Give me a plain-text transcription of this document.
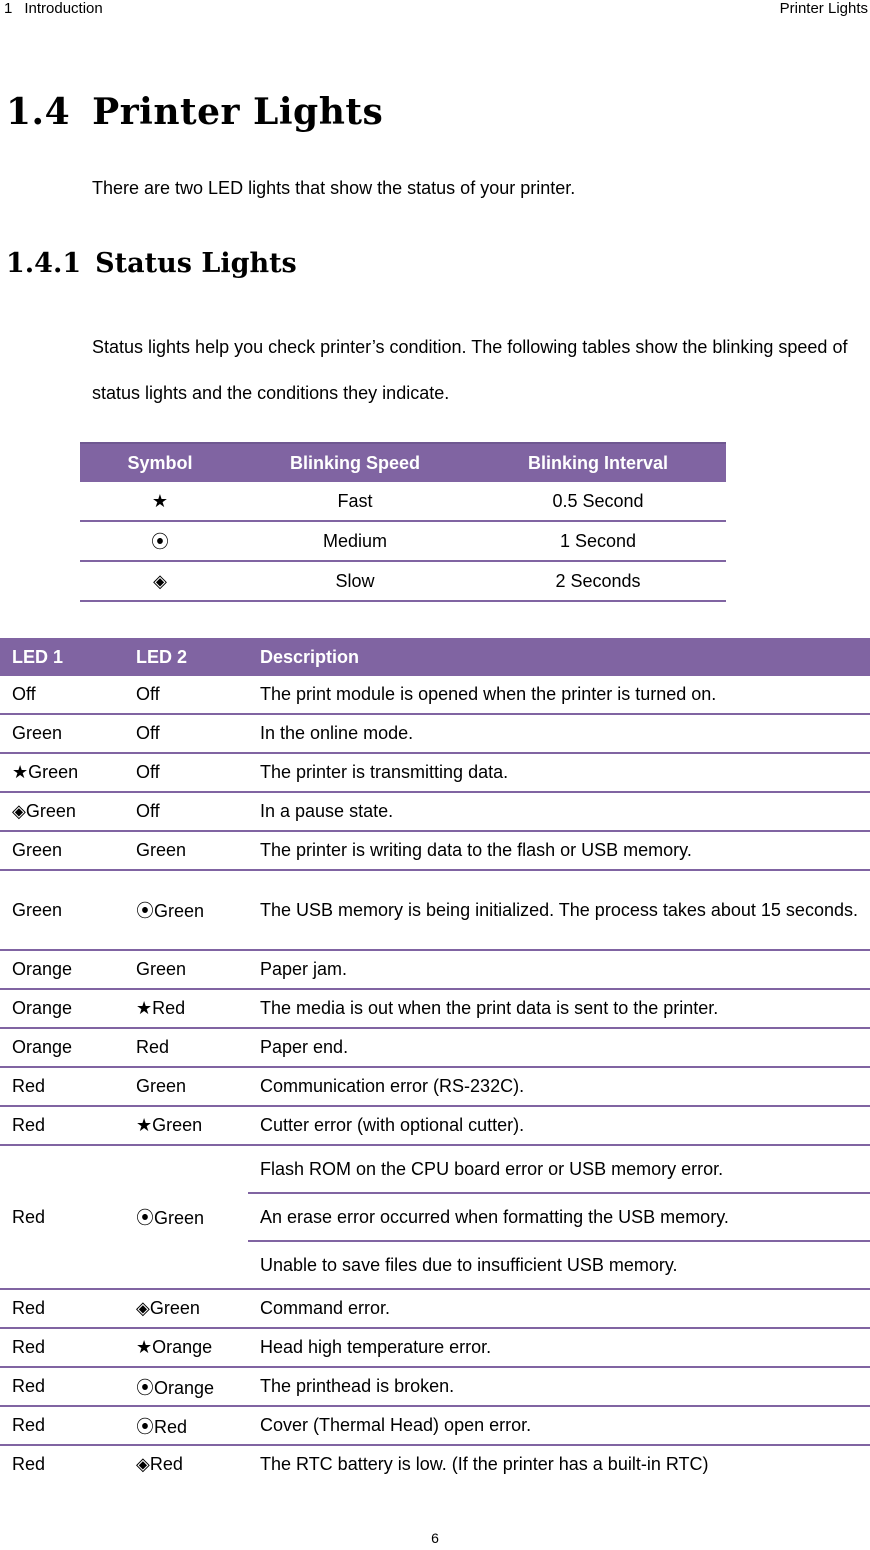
1 Introduction	Printer Lights
1.4 Printer Lights

There are two LED lights that show the status of your printer.

1.4.1 Status Lights

Status lights help you check printer’s condition. The following tables show the blinking speed of status lights and the conditions they indicate.

Symbol	Blinking Speed	Blinking Interval
★	Fast	0.5 Second
⦿	Medium	1 Second
◈	Slow	2 Seconds
LED 1	LED 2	Description
Off	Off	The print module is opened when the printer is turned on.
Green	Off	In the online mode.
★Green	Off	The printer is transmitting data.
◈Green	Off	In a pause state.
Green	Green	The printer is writing data to the flash or USB memory.
Green	⦿Green	The USB memory is being initialized. The process takes about 15 seconds.
Orange	Green	Paper jam.
Orange	★Red	The media is out when the print data is sent to the printer.
Orange	Red	Paper end.
Red	Green	Communication error (RS-232C).
Red	★Green	Cutter error (with optional cutter).
Red	⦿Green	Flash ROM on the CPU board error or USB memory error.
		An erase error occurred when formatting the USB memory.
		Unable to save files due to insufficient USB memory.
Red	◈Green	Command error.
Red	★Orange	Head high temperature error.
Red	⦿Orange	The printhead is broken.
Red	⦿Red	Cover (Thermal Head) open error.
Red	◈Red	The RTC battery is low. (If the printer has a built-in RTC)
6
